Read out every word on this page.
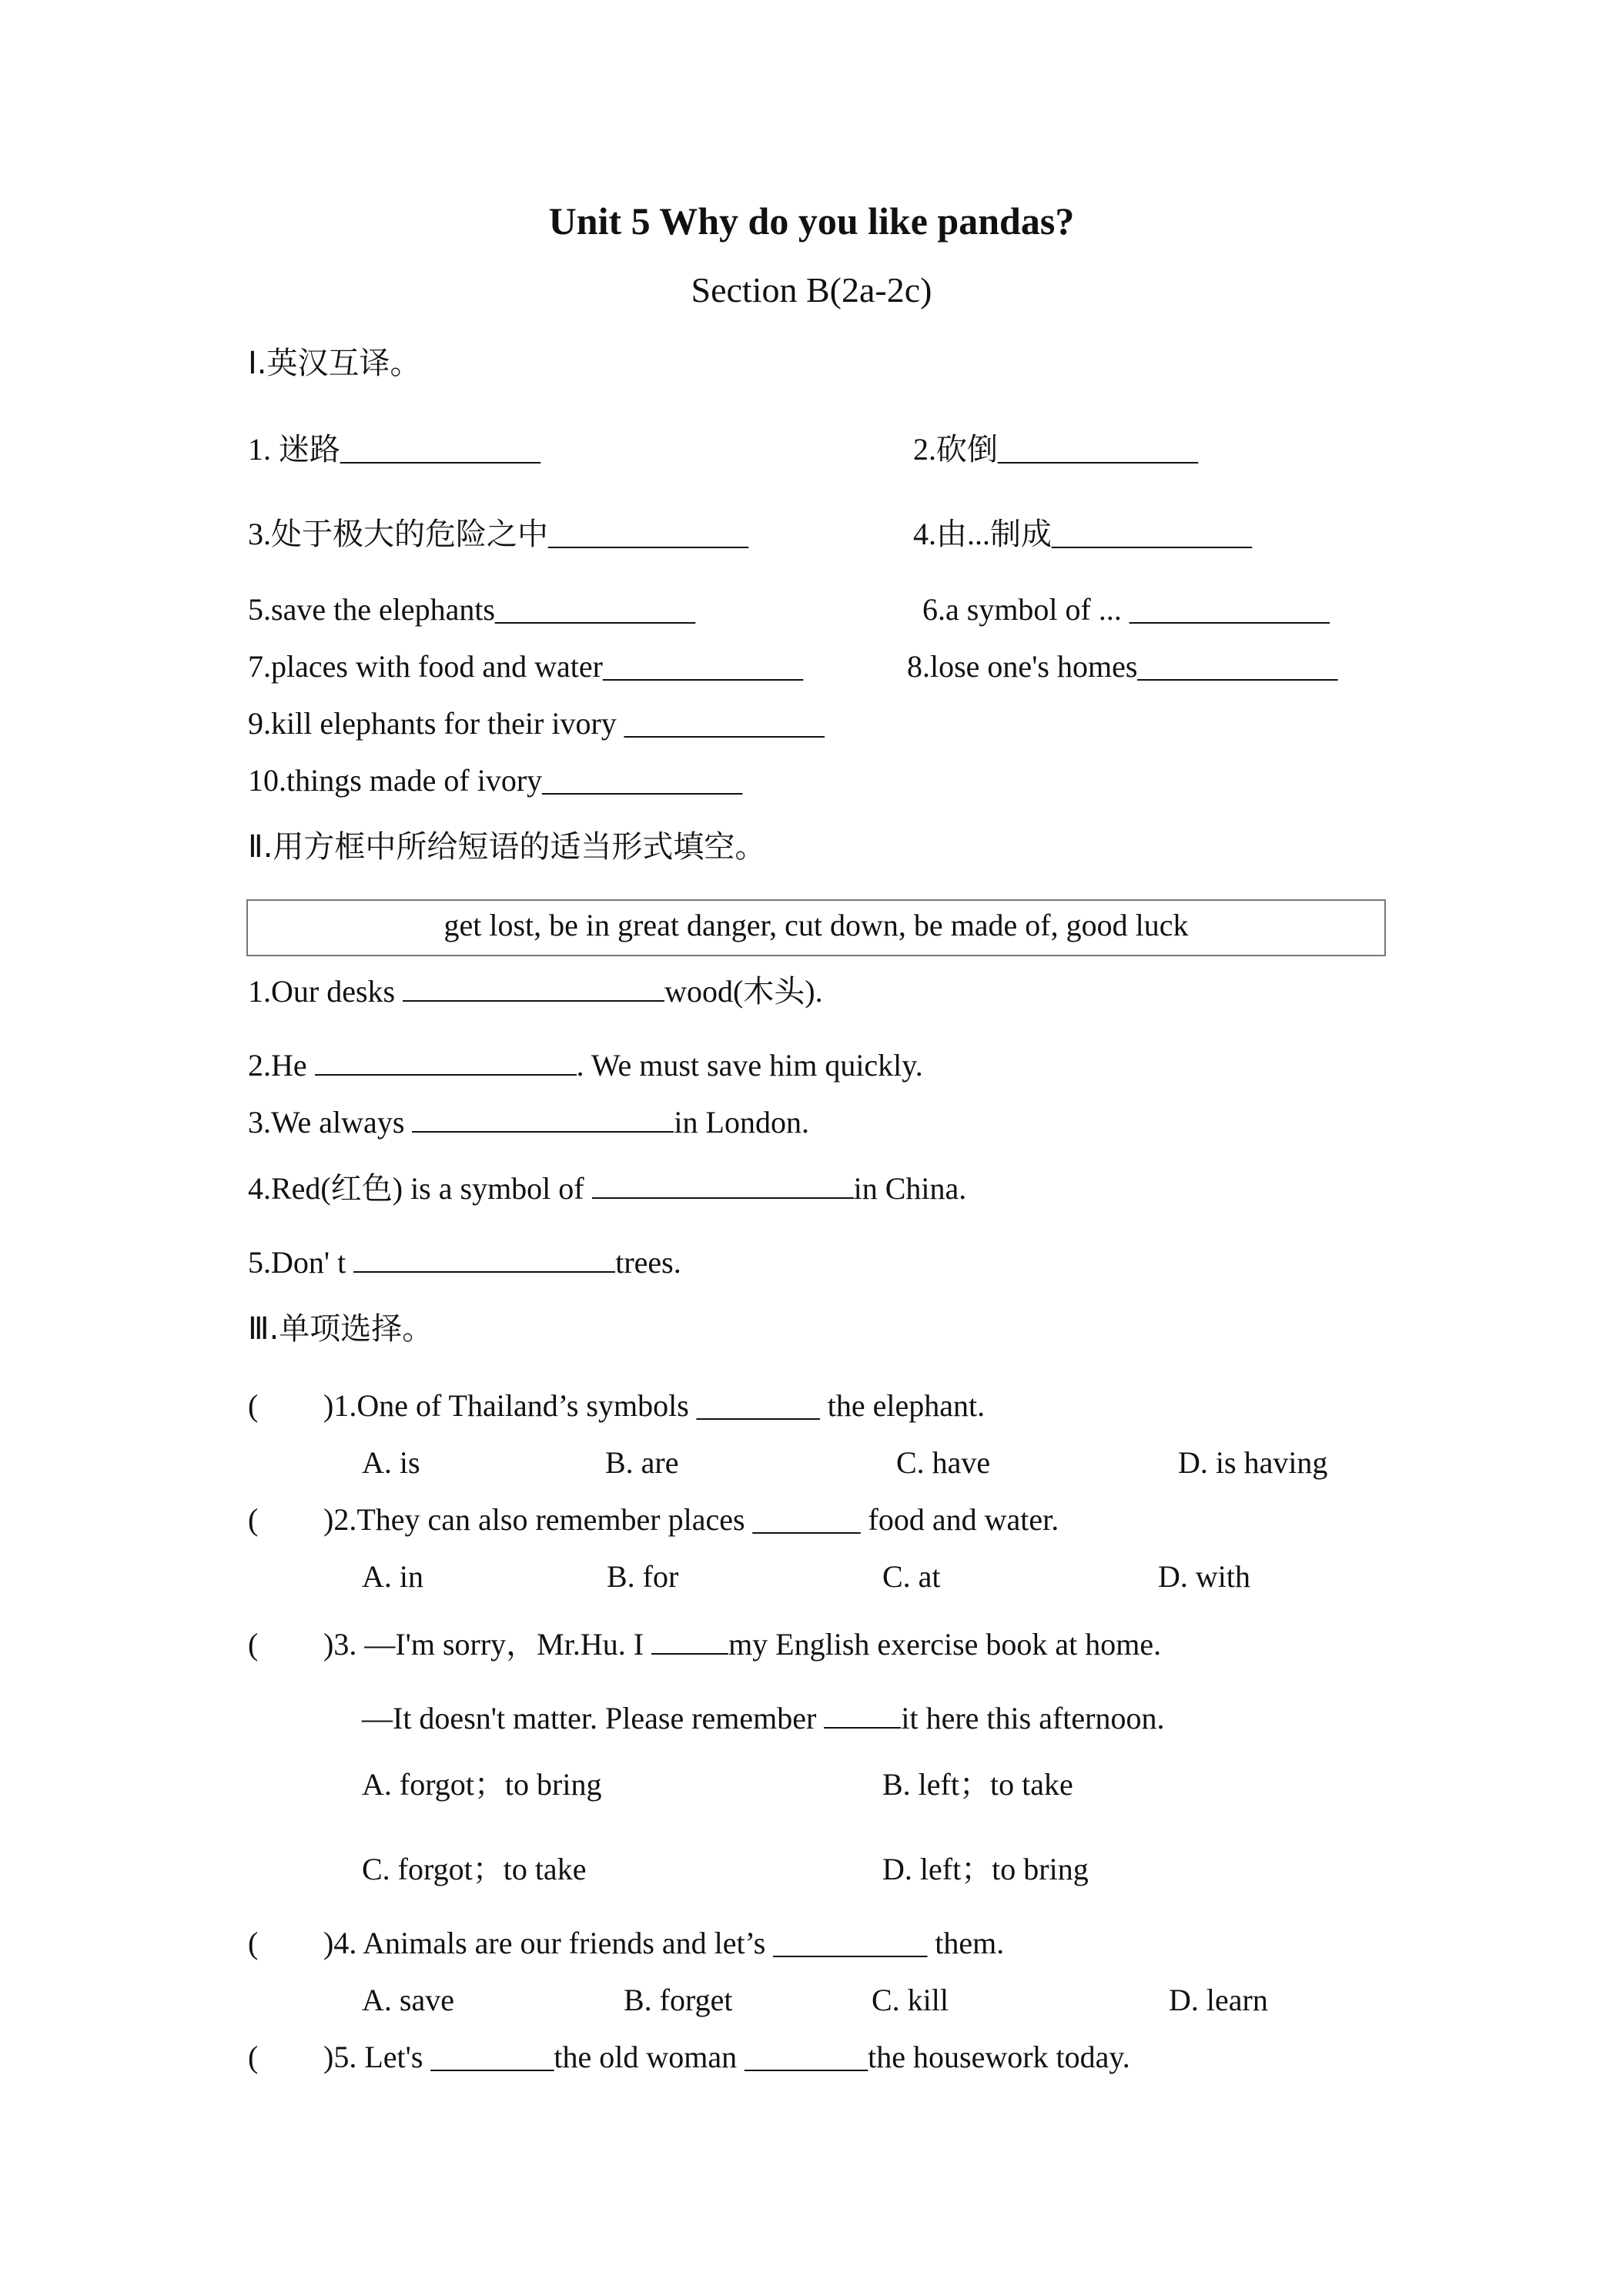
Unit 5 Why do you like pandas?
Section B(2a-2c)
Ⅰ.英汉互译。
1. 迷路_____________	2.砍倒_____________
3.处于极大的危险之中_____________	4.由...制成_____________
5.save the elephants_____________	6.a symbol of ... _____________
7.places with food and water_____________	8.lose one's homes_____________
9.kill elephants for their ivory _____________
10.things made of ivory_____________
Ⅱ.用方框中所给短语的适当形式填空。
get lost, be in great danger, cut down, be made of, good luck
1.Our desks	wood(木头).
2.He	. We must save him quickly.
3.We always	in London.
4.Red(红色) is a symbol of	in China.
5.Don' t	trees.
Ⅲ.单项选择。
( )1.One of Thailand’s symbols ________ the elephant.
A. is	B. are	C. have	D. is having
( )2.They can also remember places _______ food and water.
A. in	B. for	C. at	D. with
( )3. —I'm sorry，Mr.Hu. I	my English exercise book at home.
—It doesn't matter. Please remember	it here this afternoon.
A. forgot；to bring	B. left；to take
C. forgot；to take	D. left；to bring
( )4. Animals are our friends and let’s __________ them.
A. save	B. forget	C. kill	D. learn
( )5. Let's ________the old woman ________the housework today.
